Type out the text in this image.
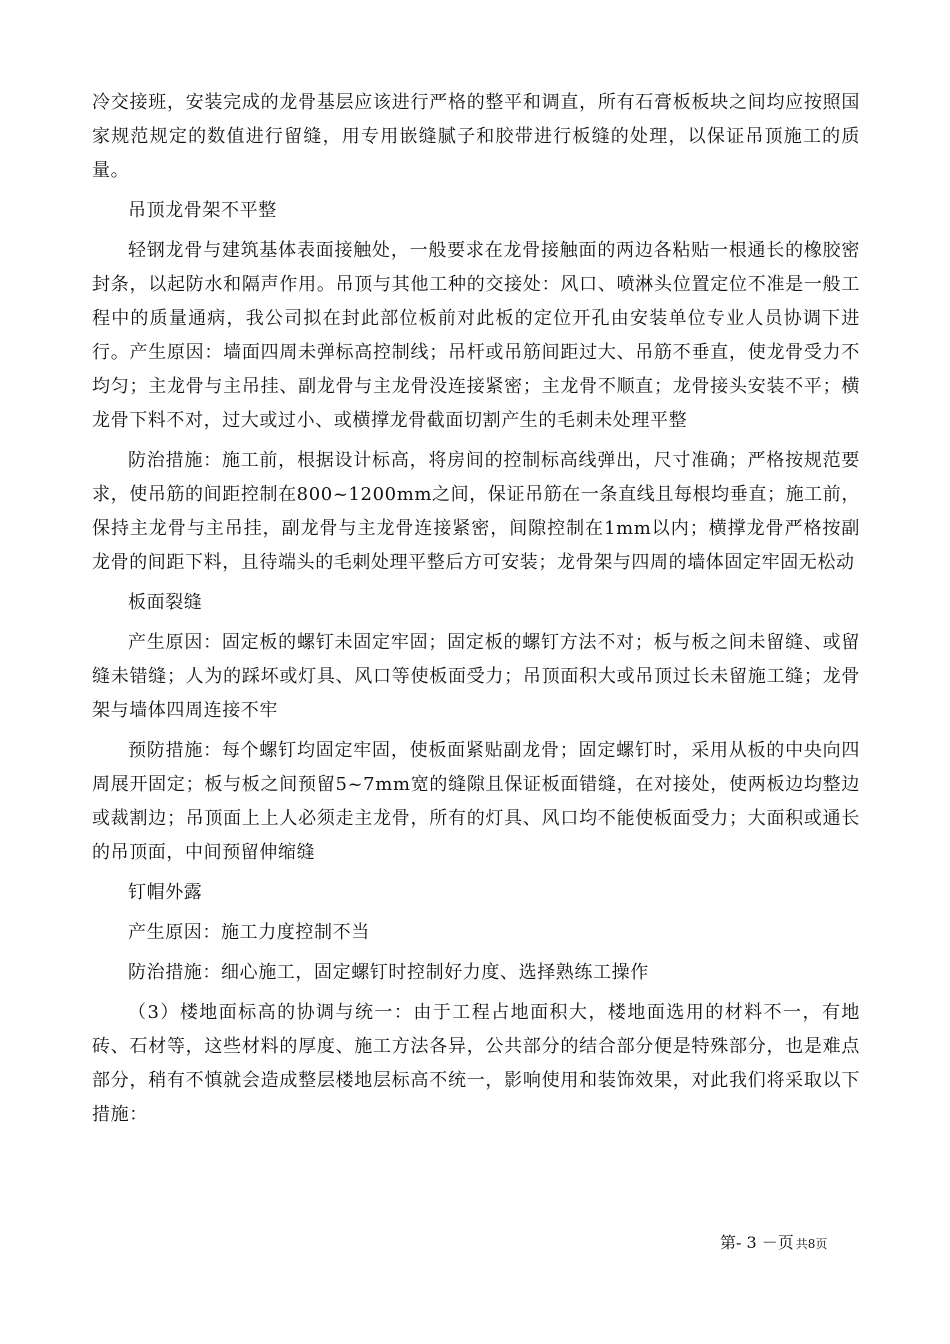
冷交接班，安装完成的龙骨基层应该进行严格的整平和调直，所有石膏板板块之间均应按照国家规范规定的数值进行留缝，用专用嵌缝腻子和胶带进行板缝的处理，以保证吊顶施工的质量。

吊顶龙骨架不平整

轻钢龙骨与建筑基体表面接触处，一般要求在龙骨接触面的两边各粘贴一根通长的橡胶密封条，以起防水和隔声作用。吊顶与其他工种的交接处：风口、喷淋头位置定位不准是一般工程中的质量通病，我公司拟在封此部位板前对此板的定位开孔由安装单位专业人员协调下进行。产生原因：墙面四周未弹标高控制线；吊杆或吊筋间距过大、吊筋不垂直，使龙骨受力不均匀；主龙骨与主吊挂、副龙骨与主龙骨没连接紧密；主龙骨不顺直；龙骨接头安装不平；横龙骨下料不对，过大或过小、或横撑龙骨截面切割产生的毛刺未处理平整

防治措施：施工前，根据设计标高，将房间的控制标高线弹出，尺寸准确；严格按规范要求，使吊筋的间距控制在800~1200mm之间，保证吊筋在一条直线且每根均垂直；施工前，保持主龙骨与主吊挂，副龙骨与主龙骨连接紧密，间隙控制在1mm以内；横撑龙骨严格按副龙骨的间距下料，且待端头的毛刺处理平整后方可安装；龙骨架与四周的墙体固定牢固无松动

板面裂缝

产生原因：固定板的螺钉未固定牢固；固定板的螺钉方法不对；板与板之间未留缝、或留缝未错缝；人为的踩坏或灯具、风口等使板面受力；吊顶面积大或吊顶过长未留施工缝；龙骨架与墙体四周连接不牢

预防措施：每个螺钉均固定牢固，使板面紧贴副龙骨；固定螺钉时，采用从板的中央向四周展开固定；板与板之间预留5~7mm宽的缝隙且保证板面错缝，在对接处，使两板边均整边或裁割边；吊顶面上上人必须走主龙骨，所有的灯具、风口均不能使板面受力；大面积或通长的吊顶面，中间预留伸缩缝

钉帽外露

产生原因：施工力度控制不当

防治措施：细心施工，固定螺钉时控制好力度、选择熟练工操作

（3）楼地面标高的协调与统一：由于工程占地面积大，楼地面选用的材料不一，有地砖、石材等，这些材料的厚度、施工方法各异，公共部分的结合部分便是特殊部分，也是难点部分，稍有不慎就会造成整层楼地层标高不统一，影响使用和装饰效果，对此我们将采取以下措施：

第- 3 －页 共8页
